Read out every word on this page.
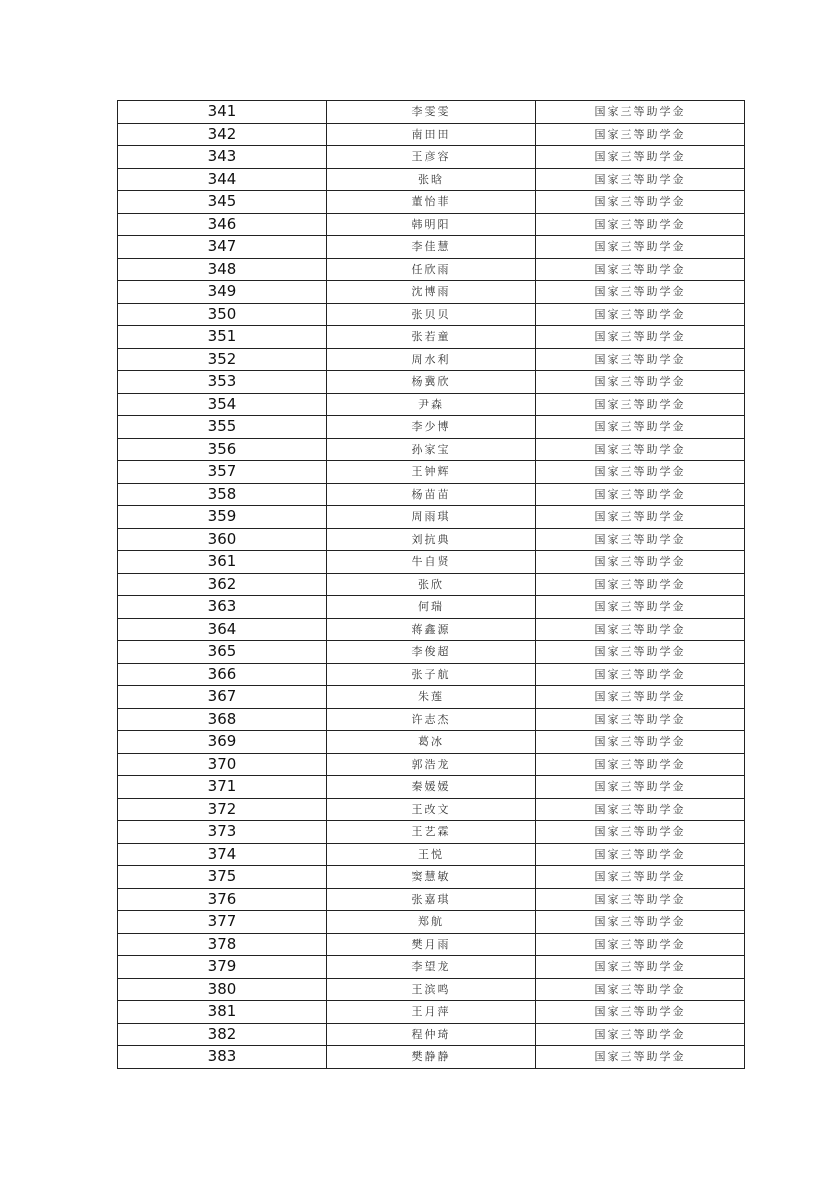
341	李雯雯	国家三等助学金
342	南田田	国家三等助学金
343	王彦容	国家三等助学金
344	张晗	国家三等助学金
345	董怡菲	国家三等助学金
346	韩明阳	国家三等助学金
347	李佳慧	国家三等助学金
348	任欣雨	国家三等助学金
349	沈博雨	国家三等助学金
350	张贝贝	国家三等助学金
351	张若童	国家三等助学金
352	周水利	国家三等助学金
353	杨冀欣	国家三等助学金
354	尹森	国家三等助学金
355	李少博	国家三等助学金
356	孙家宝	国家三等助学金
357	王钟辉	国家三等助学金
358	杨苗苗	国家三等助学金
359	周雨琪	国家三等助学金
360	刘抗典	国家三等助学金
361	牛自贤	国家三等助学金
362	张欣	国家三等助学金
363	何瑞	国家三等助学金
364	蒋鑫源	国家三等助学金
365	李俊超	国家三等助学金
366	张子航	国家三等助学金
367	朱莲	国家三等助学金
368	许志杰	国家三等助学金
369	葛冰	国家三等助学金
370	郭浩龙	国家三等助学金
371	秦媛媛	国家三等助学金
372	王改文	国家三等助学金
373	王艺霖	国家三等助学金
374	王悦	国家三等助学金
375	窦慧敏	国家三等助学金
376	张嘉琪	国家三等助学金
377	郑航	国家三等助学金
378	樊月雨	国家三等助学金
379	李望龙	国家三等助学金
380	王滨鸣	国家三等助学金
381	王月萍	国家三等助学金
382	程仲琦	国家三等助学金
383	樊静静	国家三等助学金
